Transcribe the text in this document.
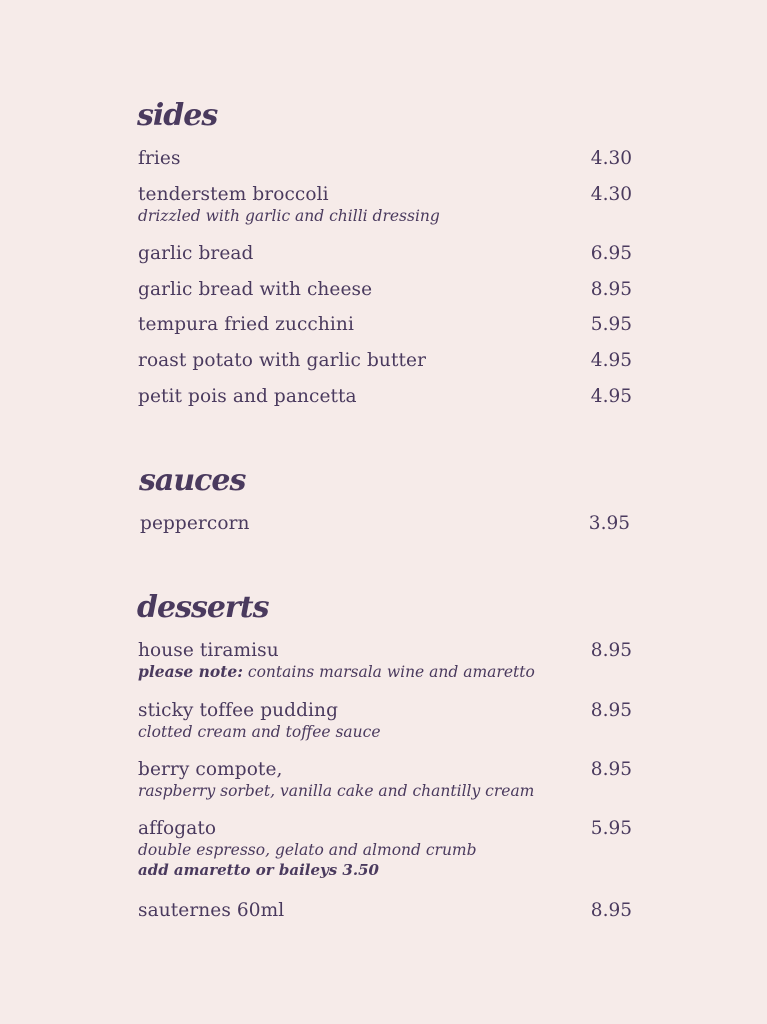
sides
fries	4.30
tenderstem broccoli	4.30
drizzled with garlic and chilli dressing
garlic bread	6.95
garlic bread with cheese	8.95
tempura fried zucchini	5.95
roast potato with garlic butter	4.95
petit pois and pancetta	4.95
sauces
peppercorn	3.95
desserts
house tiramisu	8.95
please note: contains marsala wine and amaretto
sticky toffee pudding	8.95
clotted cream and toffee sauce
berry compote,	8.95
raspberry sorbet, vanilla cake and chantilly cream
affogato	5.95
double espresso, gelato and almond crumb
add amaretto or baileys 3.50
sauternes 60ml	8.95
